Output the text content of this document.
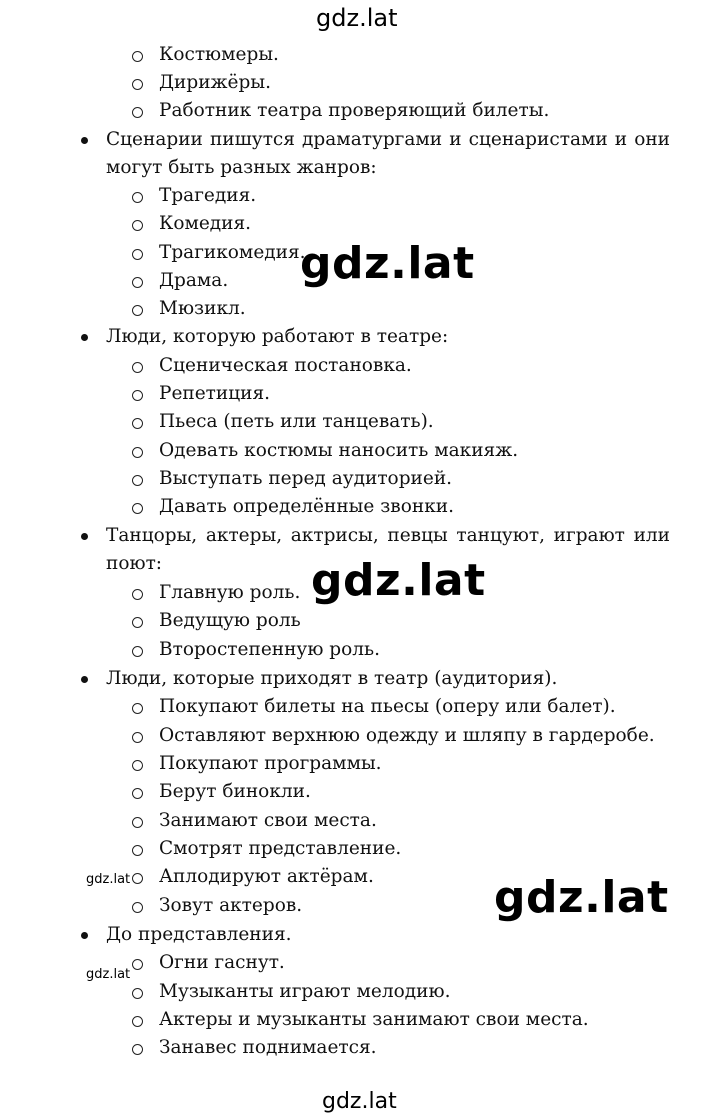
gdz.lat
Костюмеры.
Дирижёры.
Работник театра проверяющий билеты.
Сценарии пишутся драматургами и сценаристами и они
могут быть разных жанров:
Трагедия.
Комедия.
Трагикомедия.
Драма.
Мюзикл.
Люди, которую работают в театре:
Сценическая постановка.
Репетиция.
Пьеса (петь или танцевать).
Одевать костюмы наносить макияж.
Выступать перед аудиторией.
Давать определённые звонки.
Танцоры, актеры, актрисы, певцы танцуют, играют или
поют:
Главную роль.
Ведущую роль
Второстепенную роль.
Люди, которые приходят в театр (аудитория).
Покупают билеты на пьесы (оперу или балет).
Оставляют верхнюю одежду и шляпу в гардеробе.
Покупают программы.
Берут бинокли.
Занимают свои места.
Смотрят представление.
Аплодируют актёрам.
Зовут актеров.
До представления.
Огни гаснут.
Музыканты играют мелодию.
Актеры и музыканты занимают свои места.
Занавес поднимается.
gdz.lat
gdz.lat
gdz.lat
gdz.lat
gdz.lat
gdz.lat
